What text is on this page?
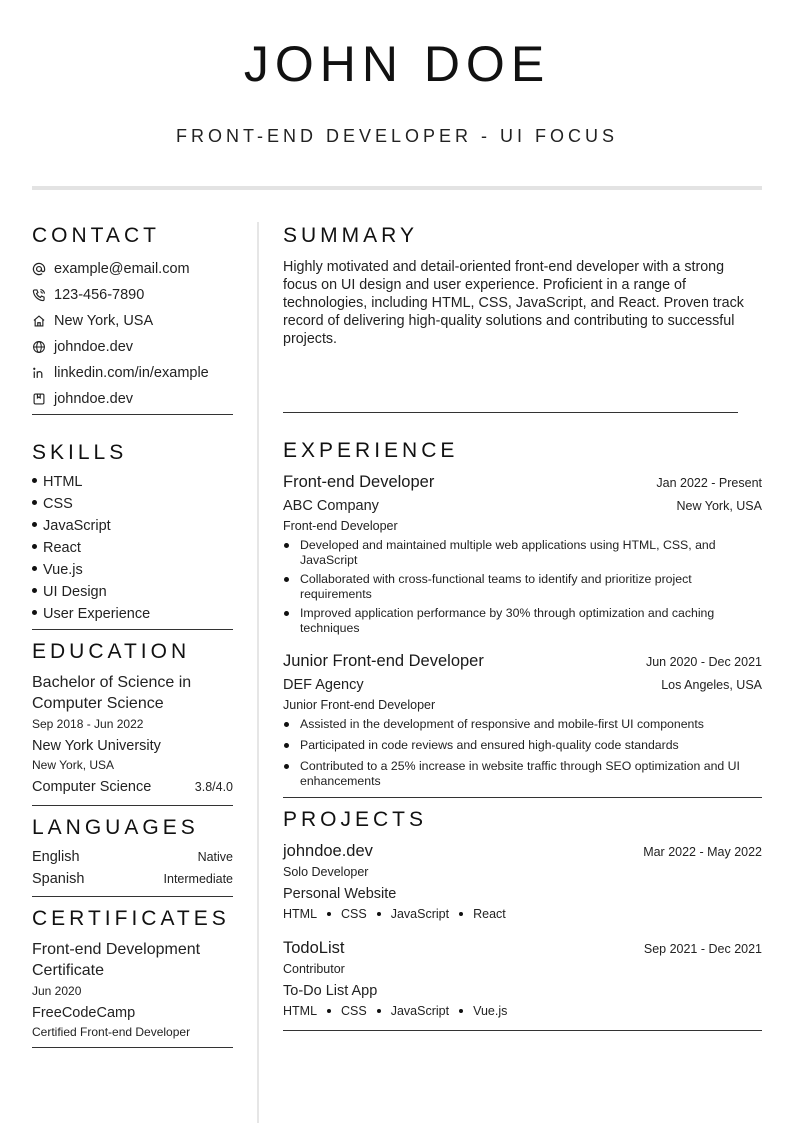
JOHN DOE
FRONT-END DEVELOPER - UI FOCUS
CONTACT
example@email.com
123-456-7890
New York, USA
johndoe.dev
linkedin.com/in/example
johndoe.dev
SKILLS
HTML
CSS
JavaScript
React
Vue.js
UI Design
User Experience
EDUCATION
Bachelor of Science in Computer Science
Sep 2018 - Jun 2022
New York University
New York, USA
Computer Science	3.8/4.0
LANGUAGES
English	Native
Spanish	Intermediate
CERTIFICATES
Front-end Development Certificate
Jun 2020
FreeCodeCamp
Certified Front-end Developer
SUMMARY
Highly motivated and detail-oriented front-end developer with a strong focus on UI design and user experience. Proficient in a range of technologies, including HTML, CSS, JavaScript, and React. Proven track record of delivering high-quality solutions and contributing to successful projects.
EXPERIENCE
Front-end Developer	Jan 2022 - Present
ABC Company	New York, USA
Front-end Developer
Developed and maintained multiple web applications using HTML, CSS, and JavaScript
Collaborated with cross-functional teams to identify and prioritize project requirements
Improved application performance by 30% through optimization and caching techniques
Junior Front-end Developer	Jun 2020 - Dec 2021
DEF Agency	Los Angeles, USA
Junior Front-end Developer
Assisted in the development of responsive and mobile-first UI components
Participated in code reviews and ensured high-quality code standards
Contributed to a 25% increase in website traffic through SEO optimization and UI enhancements
PROJECTS
johndoe.dev	Mar 2022 - May 2022
Solo Developer
Personal Website
HTML CSS JavaScript React
TodoList	Sep 2021 - Dec 2021
Contributor
To-Do List App
HTML CSS JavaScript Vue.js
